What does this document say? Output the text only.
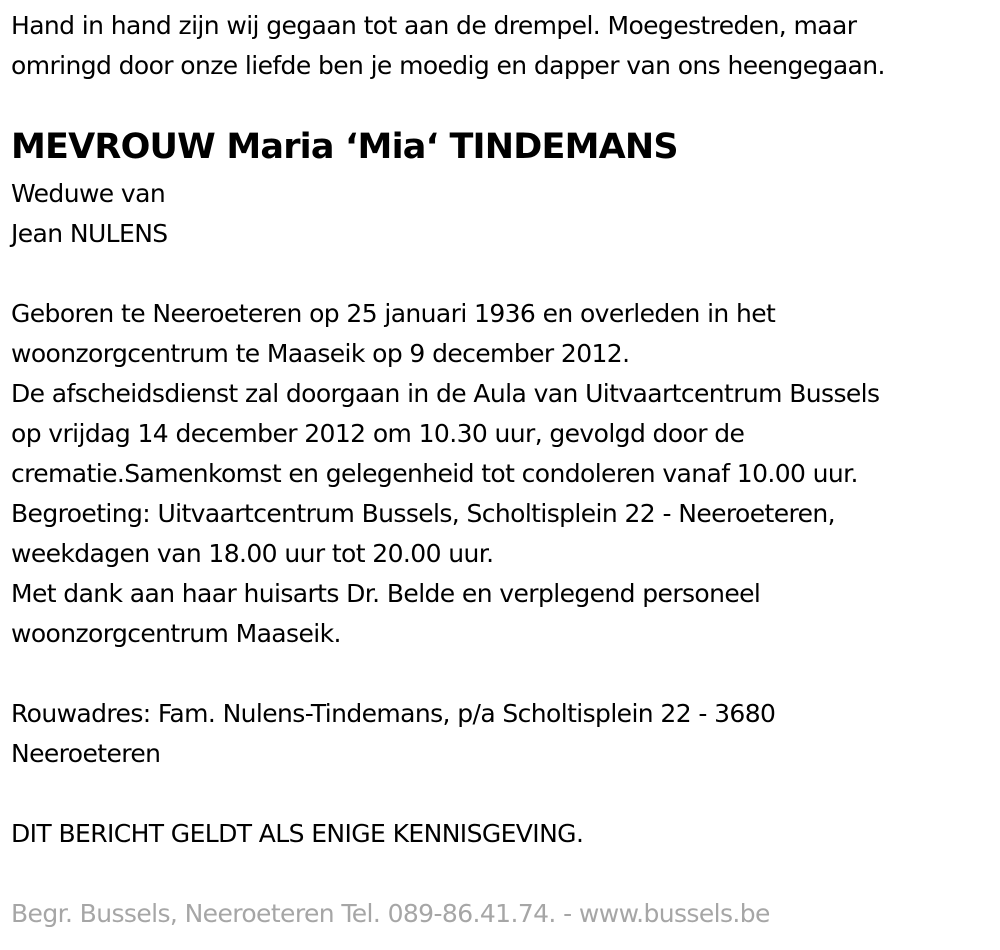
Hand in hand zijn wij gegaan tot aan de drempel. Moegestreden, maar
omringd door onze liefde ben je moedig en dapper van ons heengegaan.
MEVROUW Maria ‘Mia‘ TINDEMANS
Weduwe van
Jean NULENS
Geboren te Neeroeteren op 25 januari 1936 en overleden in het
woonzorgcentrum te Maaseik op 9 december 2012.
De afscheidsdienst zal doorgaan in de Aula van Uitvaartcentrum Bussels
op vrijdag 14 december 2012 om 10.30 uur, gevolgd door de
crematie.Samenkomst en gelegenheid tot condoleren vanaf 10.00 uur.
Begroeting: Uitvaartcentrum Bussels, Scholtisplein 22 - Neeroeteren,
weekdagen van 18.00 uur tot 20.00 uur.
Met dank aan haar huisarts Dr. Belde en verplegend personeel
woonzorgcentrum Maaseik.
Rouwadres: Fam. Nulens-Tindemans, p/a Scholtisplein 22 - 3680
Neeroeteren
DIT BERICHT GELDT ALS ENIGE KENNISGEVING.
Begr. Bussels, Neeroeteren Tel. 089-86.41.74. - www.bussels.be
